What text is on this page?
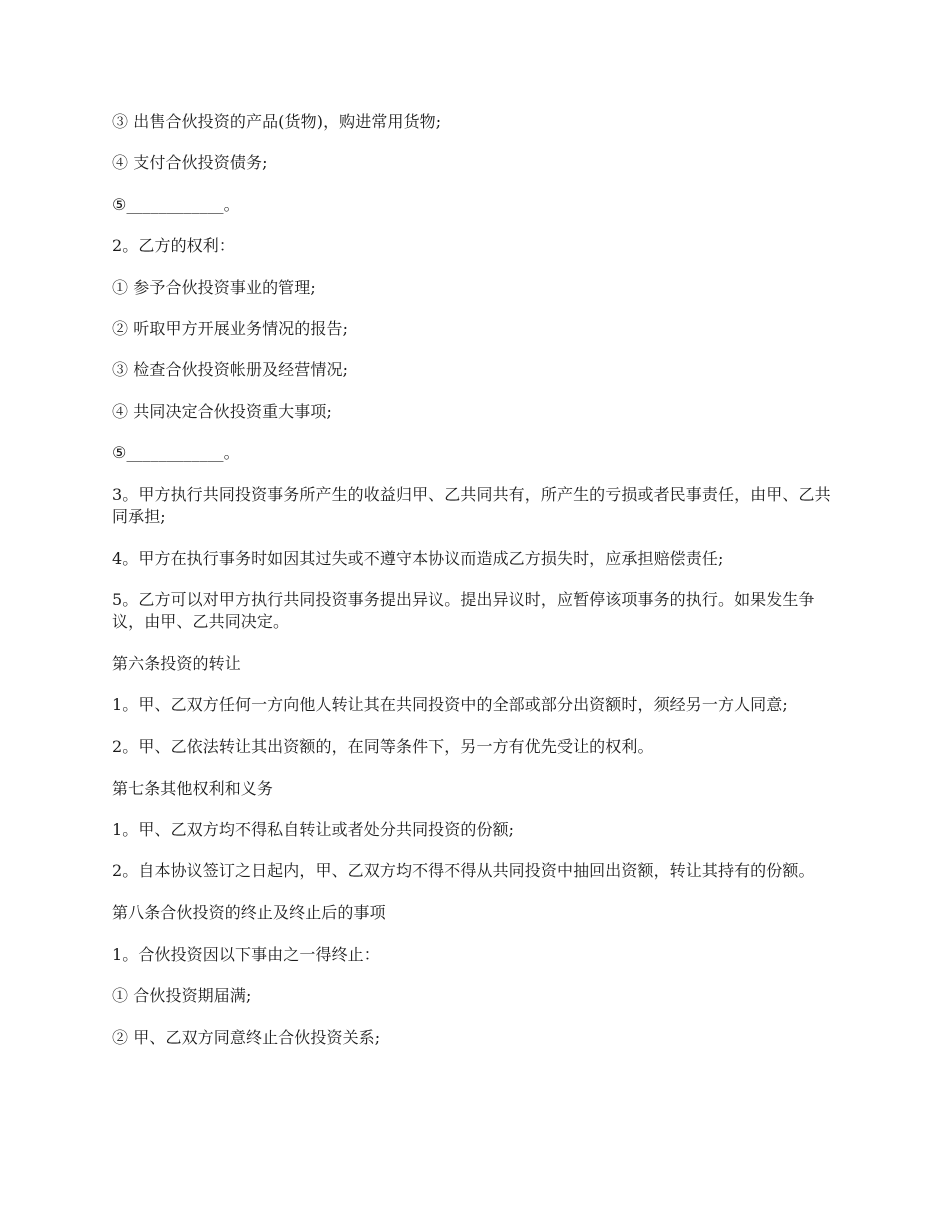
③ 出售合伙投资的产品(货物)，购进常用货物;

④ 支付合伙投资债务;

⑤____________。

2。乙方的权利：

① 参予合伙投资事业的管理;

② 听取甲方开展业务情况的报告;

③ 检查合伙投资帐册及经营情况;

④ 共同决定合伙投资重大事项;

⑤____________。

3。甲方执行共同投资事务所产生的收益归甲、乙共同共有，所产生的亏损或者民事责任，由甲、乙共同承担;

4。甲方在执行事务时如因其过失或不遵守本协议而造成乙方损失时，应承担赔偿责任;

5。乙方可以对甲方执行共同投资事务提出异议。提出异议时，应暂停该项事务的执行。如果发生争议，由甲、乙共同决定。

第六条投资的转让

1。甲、乙双方任何一方向他人转让其在共同投资中的全部或部分出资额时，须经另一方人同意;

2。甲、乙依法转让其出资额的，在同等条件下，另一方有优先受让的权利。

第七条其他权利和义务

1。甲、乙双方均不得私自转让或者处分共同投资的份额;

2。自本协议签订之日起内，甲、乙双方均不得不得从共同投资中抽回出资额，转让其持有的份额。

第八条合伙投资的终止及终止后的事项

1。合伙投资因以下事由之一得终止：

① 合伙投资期届满;

② 甲、乙双方同意终止合伙投资关系;
